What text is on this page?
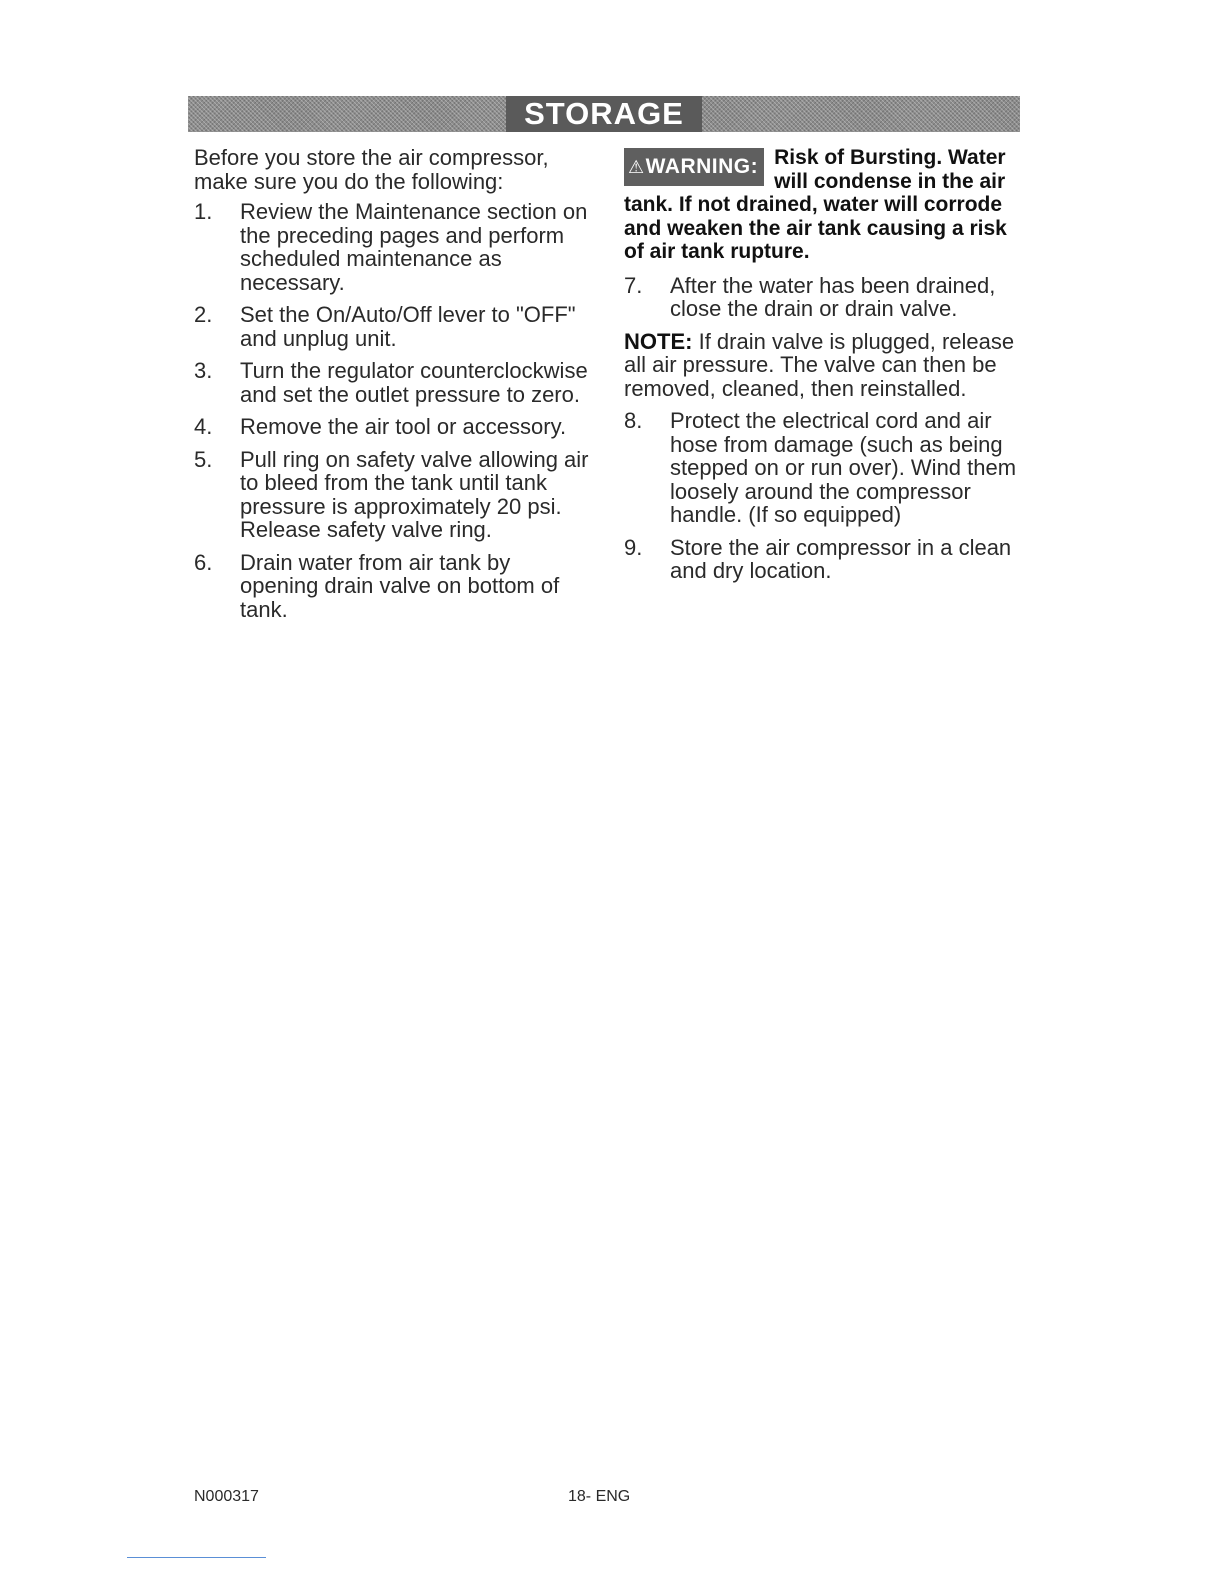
STORAGE

Before you store the air compressor, make sure you do the following:

1.	Review the Maintenance section on the preceding pages and perform scheduled maintenance as necessary.
2.	Set the On/Auto/Off lever to "OFF" and unplug unit.
3.	Turn the regulator counterclockwise and set the outlet pressure to zero.
4.	Remove the air tool or accessory.
5.	Pull ring on safety valve allowing air to bleed from the tank until tank pressure is approximately 20 psi. Release safety valve ring.
6.	Drain water from air tank by opening drain valve on bottom of tank.
⚠WARNING: Risk of Bursting. Water will condense in the air tank. If not drained, water will corrode and weaken the air tank causing a risk of air tank rupture.
7.	After the water has been drained, close the drain or drain valve.

NOTE: If drain valve is plugged, release all air pressure. The valve can then be removed, cleaned, then reinstalled.

8.	Protect the electrical cord and air hose from damage (such as being stepped on or run over). Wind them loosely around the compressor handle. (If so equipped)
9.	Store the air compressor in a clean and dry location.
N000317	18- ENG
